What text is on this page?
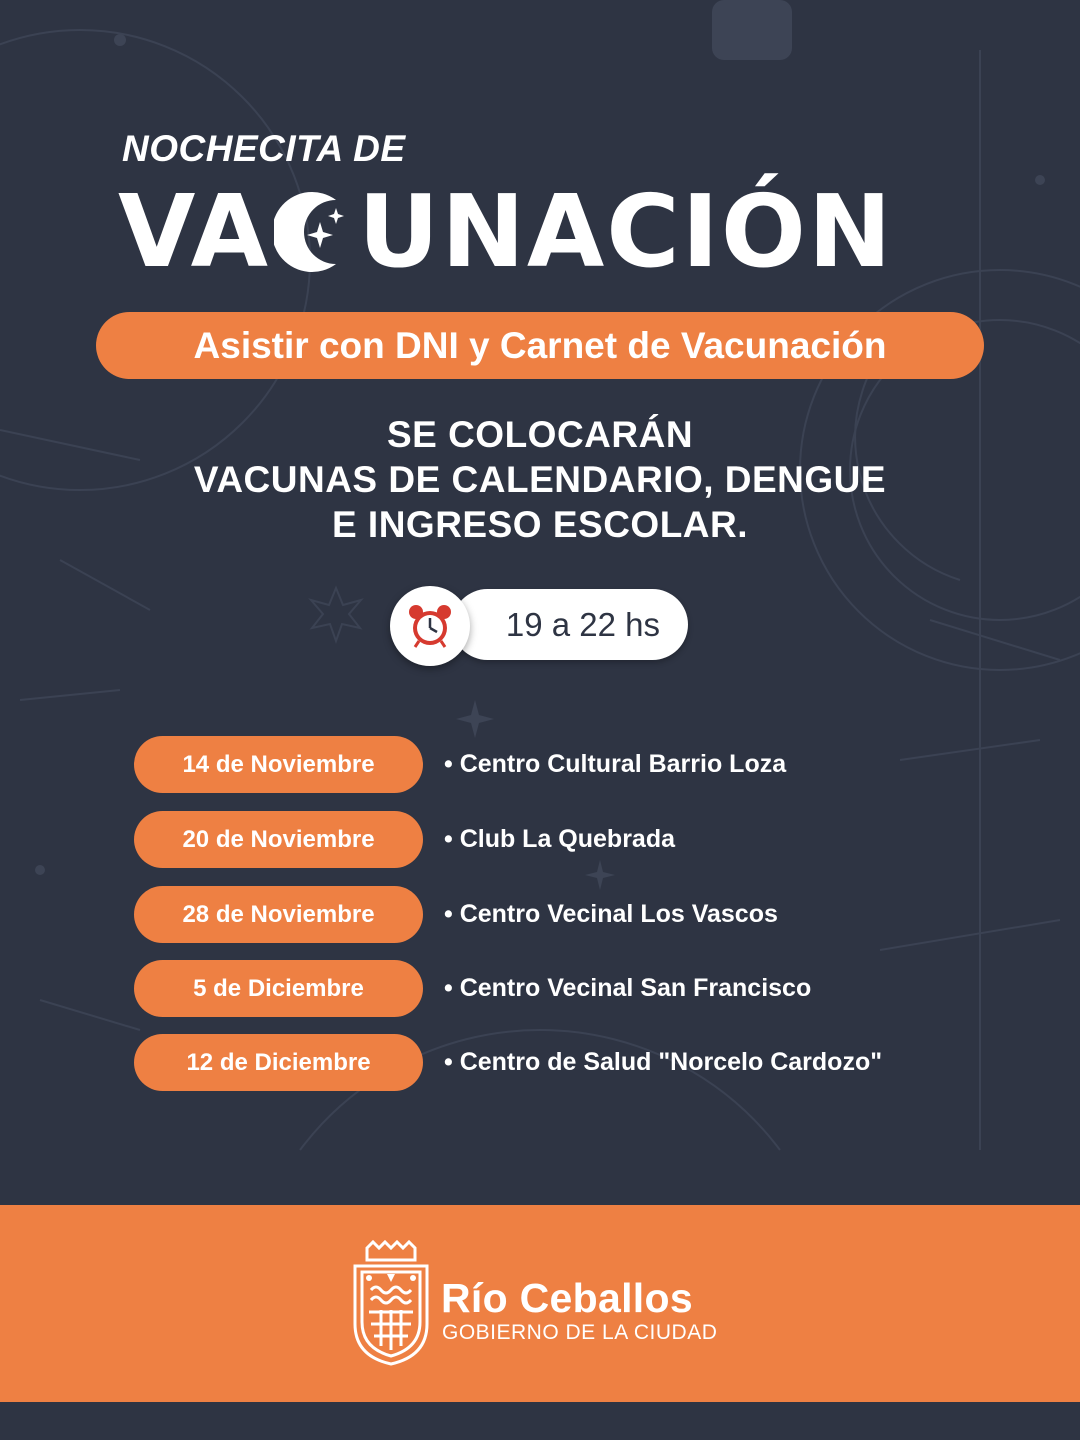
NOCHECITA DE
VA UNACIÓN
Asistir con DNI y Carnet de Vacunación
SE COLOCARÁN
VACUNAS DE CALENDARIO, DENGUE
E INGRESO ESCOLAR.
19 a 22 hs
14 de Noviembre	• Centro Cultural Barrio Loza
20 de Noviembre	• Club La Quebrada
28 de Noviembre	• Centro Vecinal Los Vascos
5 de Diciembre	• Centro Vecinal San Francisco
12 de Diciembre	• Centro de Salud "Norcelo Cardozo"
Río Ceballos
GOBIERNO DE LA CIUDAD
